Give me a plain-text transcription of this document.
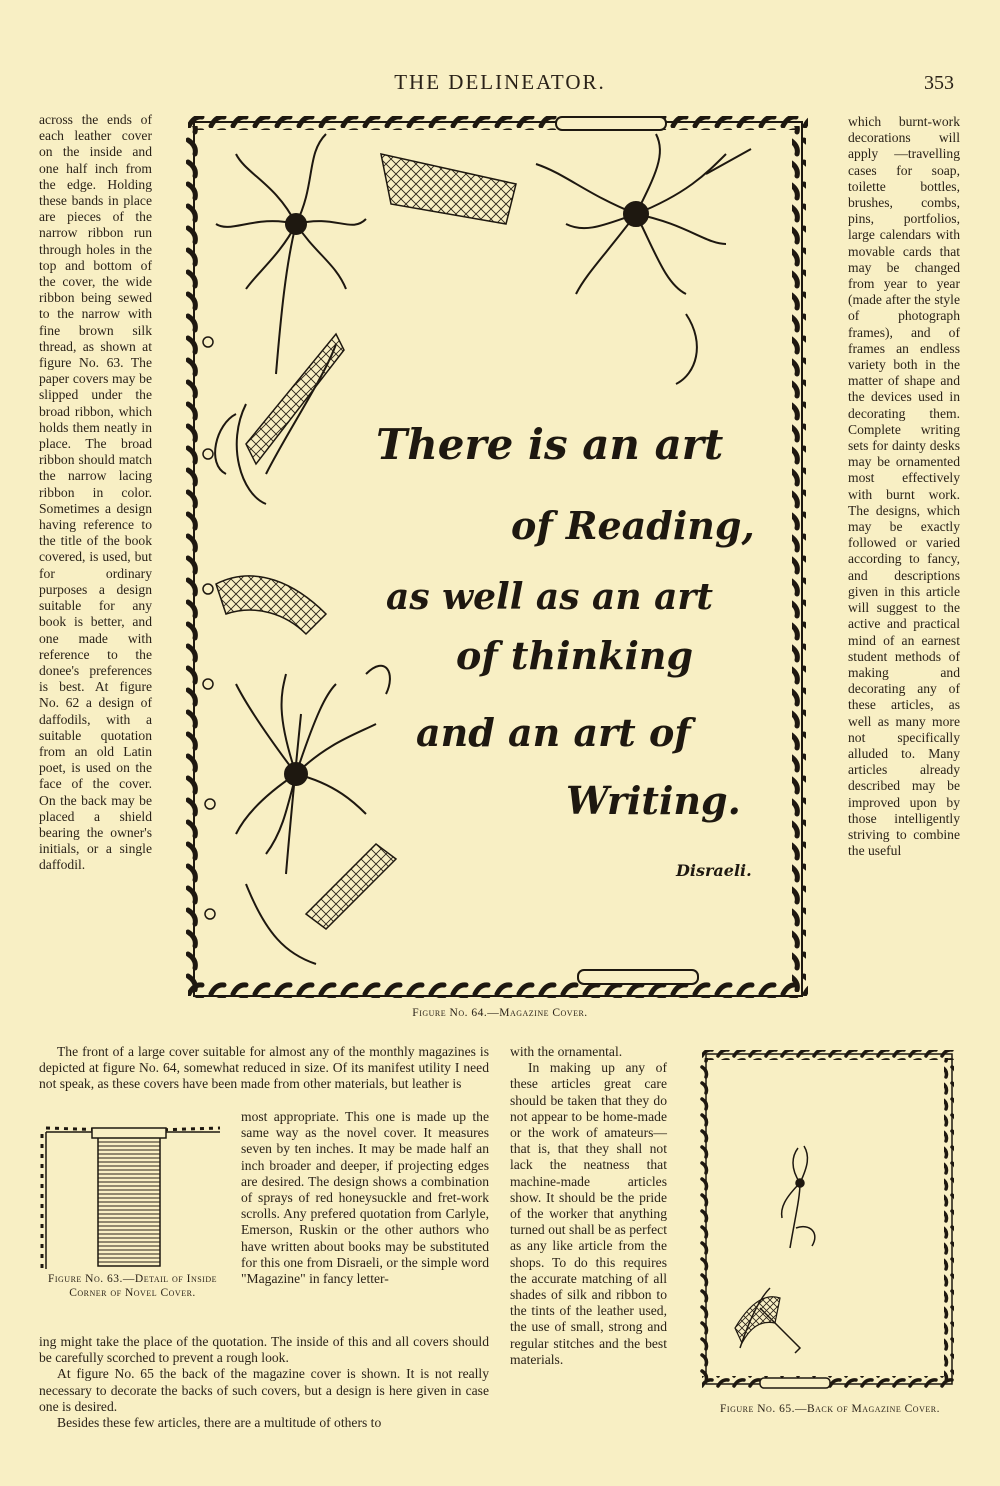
THE DELINEATOR.	353

across the ends of each leather cover on the inside and one half inch from the edge. Holding these bands in place are pieces of the narrow ribbon run through holes in the top and bottom of the cover, the wide ribbon being sewed to the narrow with fine brown silk thread, as shown at figure No. 63. The paper covers may be slipped under the broad ribbon, which holds them neatly in place. The broad ribbon should match the narrow lacing ribbon in color. Sometimes a design having reference to the title of the book covered, is used, but for ordinary purposes a design suitable for any book is better, and one made with reference to the donee's preferences is best. At figure No. 62 a design of daffodils, with a suitable quotation from an old Latin poet, is used on the face of the cover. On the back may be placed a shield bearing the owner's initials, or a single daffodil.

which burnt-work decorations will apply —travelling cases for soap, toilette bottles, brushes, combs, pins, portfolios, large calendars with movable cards that may be changed from year to year (made after the style of photograph frames), and of frames an endless variety both in the matter of shape and the devices used in decorating them. Complete writing sets for dainty desks may be ornamented most effectively with burnt work. The designs, which may be exactly followed or varied according to fancy, and descriptions given in this article will suggest to the active and practical mind of an earnest student methods of making and decorating any of these articles, as well as many more not specifically alluded to. Many articles already described may be improved upon by those intelligently striving to combine the useful

There is an art
of Reading,
as well as an art
of thinking
and an art of
Writing.
Disraeli.
Figure No. 64.—Magazine Cover.

The front of a large cover suitable for almost any of the monthly magazines is depicted at figure No. 64, somewhat reduced in size. Of its manifest utility I need not speak, as these covers have been made from other materials, but leather is

Figure No. 63.—Detail of Inside Corner of Novel Cover.

most appropriate. This one is made up the same way as the novel cover. It measures seven by ten inches. It may be made half an inch broader and deeper, if projecting edges are desired. The design shows a combination of sprays of red honeysuckle and fret-work scrolls. Any prefered quotation from Carlyle, Emerson, Ruskin or the other authors who have written about books may be substituted for this one from Disraeli, or the simple word "Magazine" in fancy letter-

ing might take the place of the quotation. The inside of this and all covers should be carefully scorched to prevent a rough look.

At figure No. 65 the back of the magazine cover is shown. It is not really necessary to decorate the backs of such covers, but a design is here given in case one is desired.

Besides these few articles, there are a multitude of others to

with the ornamental.

In making up any of these articles great care should be taken that they do not appear to be home-made or the work of amateurs—that is, that they shall not lack the neatness that machine-made articles show. It should be the pride of the worker that anything turned out shall be as perfect as any like article from the shops. To do this requires the accurate matching of all shades of silk and ribbon to the tints of the leather used, the use of small, strong and regular stitches and the best materials.

Figure No. 65.—Back of Magazine Cover.
